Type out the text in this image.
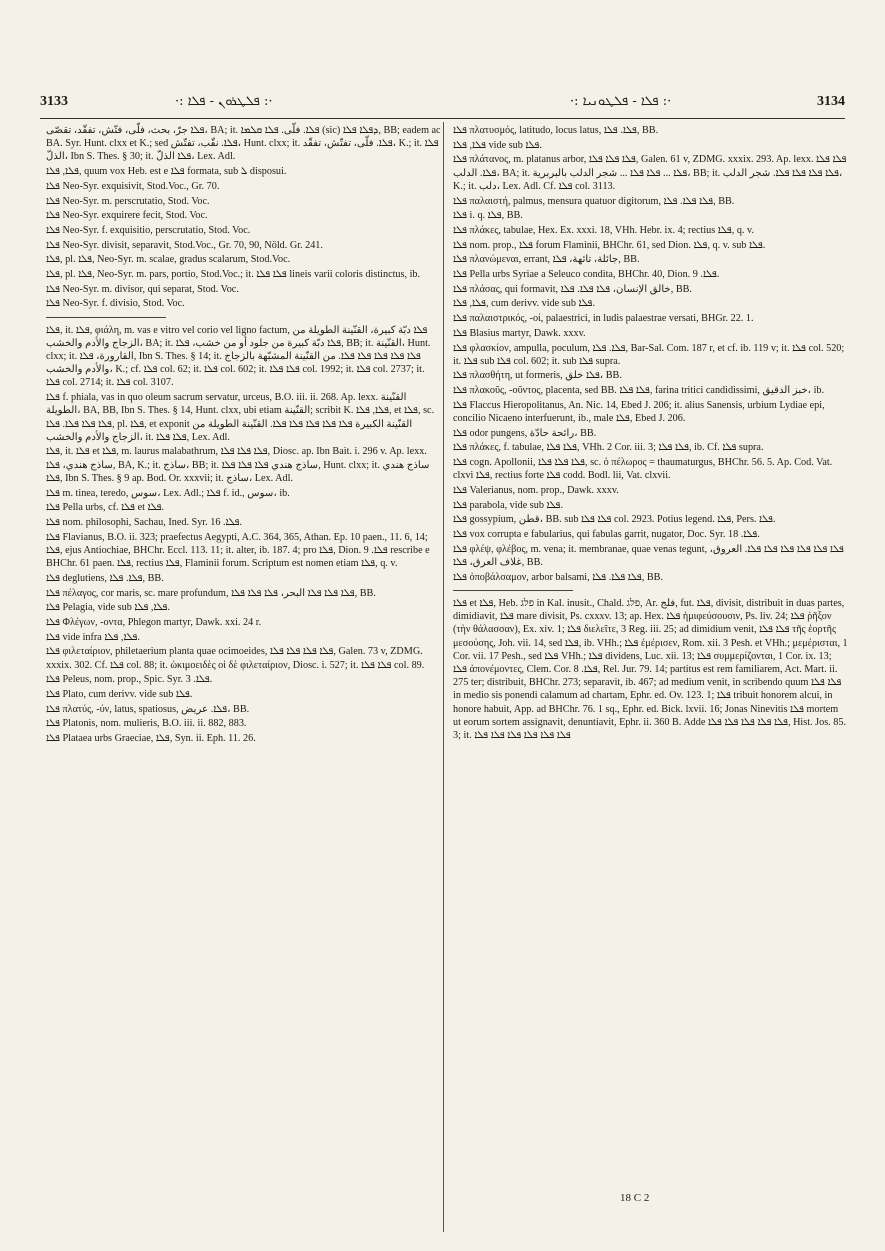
3133	·: ܦܠܛܪܘܢ - ܦܠܐ :·	·: ܦܠܐ - ܦܠܛܘܢܝܐ :·	3134
ܦܠܐ جرّ، بحث، فلّى، فتّش، تفقّد، تقصّى، BA; it. ܦܠܐ. فلّى. ܦܠܐ ܩܠܡܐ (sic) ܕܦܠܐ ܦܠܐ, BB; eadem ac BA. Syr. Hunt. clxx et K.; sed ܦܠܐ. نقّب، تفتّش، Hunt. clxx; it. ܦܠܐ. فلّى، تفتّش، تفقّد، K.; it. ܦܠܐ الذلّ، Ibn S. Thes. § 30; it. ܦܠܐ الذلّ، Lex. Adl.
ܦܠܐ, ܦܠܐ, quum vox Heb. est e ܦܠܐ formata, sub ܠ disposui.
ܦܠܐ Neo-Syr. exquisivit, Stod.Voc., Gr. 70.
ܦܠܐ Neo-Syr. m. perscrutatio, Stod. Voc.
ܦܠܐ Neo-Syr. exquirere fecit, Stod. Voc.
ܦܠܐ Neo-Syr. f. exquisitio, perscrutatio, Stod. Voc.
ܦܠܐ Neo-Syr. divisit, separavit, Stod.Voc., Gr. 70, 90, Nöld. Gr. 241.
ܦܠܐ, pl. ܦܠܐ, Neo-Syr. m. scalae, gradus scalarum, Stod.Voc.
ܦܠܐ, pl. ܦܠܐ, Neo-Syr. m. pars, portio, Stod.Voc.; it. ܦܠܐ ܦܠܐ lineis varii coloris distinctus, ib.
ܦܠܐ Neo-Syr. m. divisor, qui separat, Stod. Voc.
ܦܠܐ Neo-Syr. f. divisio, Stod. Voc.
ܦܠܐ, it. ܦܠܐ, φιάλη, m. vas e vitro vel corio vel ligno factum, ܦܠܐ دبّة كبيرة، القنّينة الطويلة من الزجاج والأدم والخشب، BA; it. ܦܠܐ دبّة كبيرة من جلود أو من خشب، ܦܠܐ, BB; it. القنّينة، Hunt. clxx; it. القارورة، ܦܠܐ, Ibn S. Thes. § 14; it. ܦܠܐ ܦܠܐ ܦܠܐ ܦܠܐ ܦܠܐ. من القنّينة المشبّهة بالزجاج والأدم والخشب، K.; cf. ܦܠܐ col. 62; it. ܦܠܐ col. 602; it. ܦܠܐ ܦܠܐ col. 1992; it. ܦܠܐ col. 2737; it. ܦܠܐ col. 2714; it. ܦܠܐ col. 3107.
ܦܠܐ f. phiala, vas in quo oleum sacrum servatur, urceus, B.O. iii. ii. 268. Ap. lexx. القنّينة الطويلة، BA, BB, Ibn S. Thes. § 14, Hunt. clxx, ubi etiam القنّينة; scribit K. ܦܠܐ, ܦܠܐ, et ܦܠܐ, sc. ܦܠܐ ܦܠܐ ܦܠܐ. ܦܠܐ, pl. ܦܠܐ, et exponit القنّينة الكبيرة ܦܠܐ ܦܠܐ ܦܠܐ ܦܠܐ ܦܠܐ. القنّينة الطويلة من الزجاج والأدم والخشب، it. ܦܠܐ ܦܠܐ, Lex. Adl.
ܦܠܐ, it. ܦܠܐ et ܦܠܐ, m. laurus malabathrum, ܦܠܐ ܦܠܐ ܦܠܐ, Diosc. ap. Ibn Bait. i. 296 v. Ap. lexx. ساذج هندي، ܦܠܐ, BA, K.; it. ساذج، BB; it. ساذج هندي ܦܠܐ ܦܠܐ ܦܠܐ, Hunt. clxx; it. ساذج هندي ܦܠܐ, Ibn S. Thes. § 9 ap. Bod. Or. xxxvii; it. ساذج، Lex. Adl.
ܦܠܐ m. tinea, teredo, سوس، Lex. Adl.; ܦܠܐ f. id., سوس، ib.
ܦܠܐ Pella urbs, cf. ܦܠܐ et ܦܠܐ.
ܦܠܐ nom. philosophi, Sachau, Ined. Syr. ܦܠܐ. 16.
ܦܠܐ Flavianus, B.O. ii. 323; praefectus Aegypti, A.C. 364, 365, Athan. Ep. 10 paen., 11. 6, 14; ܦܠܐ, ejus Antiochiae, BHChr. Eccl. 113. 11; it. alter, ib. 187. 4; pro ܦܠܐ, Dion. ܦܠܐ. 9 rescribe e BHChr. 61 paen. ܦܠܐ, rectius ܦܠܐ, Flaminii forum. Scriptum est nomen etiam ܦܠܐ, q. v.
ܦܠܐ deglutiens, ܦܠܐ. ܦܠܐ, BB.
ܦܠܐ πέλαγος, cor maris, sc. mare profundum, ܦܠܐ ܦܠܐ ܦܠܐ البحر، ܦܠܐ ܦܠܐ ܦܠܐ, BB.
ܦܠܐ Pelagia, vide sub ܦܠܐ, ܦܠܐ.
ܦܠܐ Φλέγων, -οντα, Phlegon martyr, Dawk. xxi. 24 r.
ܦܠܐ vide infra ܦܠܐ, ܦܠܐ.
ܦܠܐ φιλεταίριον, philetaerium planta quae ocimoeides, ܦܠܐ ܦܠܐ ܦܠܐ ܦܠܐ, Galen. 73 v, ZDMG. xxxix. 302. Cf. ܦܠܐ col. 88; it. ὠκιμοειδὲς οἱ δὲ φιλεταίριον, Diosc. i. 527; it. ܦܠܐ ܦܠܐ col. 89.
ܦܠܐ Peleus, nom. prop., Spic. Syr. ܦܠܐ. 3.
ܦܠܐ Plato, cum derivv. vide sub ܦܠܐ.
ܦܠܐ πλατύς, -ύν, latus, spatiosus, ܦܠܐ. عريض، BB.
ܦܠܐ Platonis, nom. mulieris, B.O. iii. ii. 882, 883.
ܦܠܐ Plataea urbs Graeciae, ܦܠܐ, Syn. ii. Eph. 11. 26.
ܦܠܐ πλατυσμός, latitudo, locus latus, ܦܠܐ. ܦܠܐ, BB.
ܦܠܐ, ܦܠܐ vide sub ܦܠܐ.
ܦܠܐ πλάτανος, m. platanus arbor, ܦܠܐ ܦܠܐ ܦܠܐ, Galen. 61 v, ZDMG. xxxix. 293. Ap. lexx. ܦܠܐ ܦܠܐ ܦܠܐ. الدلب، BA; it. ܦܠܐ ... ܦܠܐ ܦܠܐ ... شجر الدلب بالبربرية، BB; it. ܦܠܐ ܦܠܐ ܦܠܐ ܦܠܐ. شجر الدلب، K.; it. دلب، Lex. Adl. Cf. ܦܠܐ col. 3113.
ܦܠܐ παλαιστή, palmus, mensura quatuor digitorum, ܦܠܐ ܦܠܐ. ܦܠܐ, BB.
ܦܠܐ i. q. ܦܠܐ, BB.
ܦܠܐ πλάκες, tabulae, Hex. Ex. xxxi. 18, VHh. Hebr. ix. 4; rectius ܦܠܐ, q. v.
ܦܠܐ nom. prop., ܦܠܐ forum Flaminii, BHChr. 61, sed Dion. ܦܠܐ, q. v. sub ܦܠܐ.
ܦܠܐ πλανώμεναι, errant, جائلة، تائهة، ܦܠܐ, BB.
ܦܠܐ Pella urbs Syriae a Seleuco condita, BHChr. 40, Dion. ܦܠܐ. 9.
ܦܠܐ πλάσας, qui formavit, خالق الإنسان، ܦܠܐ ܦܠܐ. ܦܠܐ, BB.
ܦܠܐ, ܦܠܐ, cum derivv. vide sub ܦܠܐ.
ܦܠܐ παλαιστρικός, -οί, palaestrici, in ludis palaestrae versati, BHGr. 22. 1.
ܦܠܐ Blasius martyr, Dawk. xxxv.
ܦܠܐ φλασκίον, ampulla, poculum, ܦܠܐ. ܦܠܐ, Bar-Sal. Com. 187 r, et cf. ib. 119 v; it. ܦܠܐ col. 520; it. ܦܠܐ sub ܦܠܐ col. 602; it. sub ܦܠܐ supra.
ܦܠܐ πλασθήτη, ut formeris, ܦܠܐ خلق، BB.
ܦܠܐ πλακοῦς, -οῦντος, placenta, sed BB. ܦܠܐ ܦܠܐ, farina tritici candidissimi, خبز الدقيق، ib.
ܦܠܐ Flaccus Hieropolitanus, An. Nic. 14, Ebed J. 206; it. alius Sanensis, urbium Lydiae epi, concilio Nicaeno interfuerunt, ib., male ܦܠܐ, Ebed J. 206.
ܦܠܐ odor pungens, رائحة حادّة، BB.
ܦܠܐ πλάκες, f. tabulae, ܦܠܐ ܦܠܐ, VHh. 2 Cor. iii. 3; ܦܠܐ ܦܠܐ, ib. Cf. ܦܠܐ supra.
ܦܠܐ cogn. Apollonii, ܦܠܐ ܦܠܐ ܦܠܐ, sc. ὁ πέλωρος = thaumaturgus, BHChr. 56. 5. Ap. Cod. Vat. clxvi ܦܠܐ, rectius forte ܦܠܐ codd. Bodl. lii, Vat. clxvii.
ܦܠܐ Valerianus, nom. prop., Dawk. xxxv.
ܦܠܐ parabola, vide sub ܦܠܐ.
ܦܠܐ gossypium, قطن، BB. sub ܦܠܐ ܦܠܐ col. 2923. Potius legend. ܦܠܐ, Pers. ܦܠܐ.
ܦܠܐ vox corrupta e fabularius, qui fabulas garrit, nugator, Doc. Syr. ܦܠܐ. 18.
ܦܠܐ φλέψ, φλέβος, m. vena; it. membranae, quae venas tegunt, ܦܠܐ ܦܠܐ ܦܠܐ ܦܠܐ ܦܠܐ ܦܠܐ. العروق، غلاف العرق، ܦܠܐ, BB.
ܦܠܐ ὀποβάλσαμον, arbor balsami, ܦܠܐ ܦܠܐ. ܦܠܐ, BB.
ܦܠܐ et ܦܠܐ, Heb. פלג in Kal. inusit., Chald. פלג, Ar. فلج, fut. ܦܠܐ, divisit, distribuit in duas partes, dimidiavit, ܦܠܐ mare divisit, Ps. cxxxv. 13; ap. Hex. ܦܠܐ ἡμιφεύσουσιν, Ps. liv. 24; ܦܠܐ ῥῆξον (τὴν θάλασσαν), Ex. xiv. 1; ܦܠܐ διελεῖτε, 3 Reg. iii. 25; ad dimidium venit, ܦܠܐ ܦܠܐ τῆς ἑορτῆς μεσούσης, Joh. vii. 14, sed ܦܠܐ, ib. VHh.; ܦܠܐ ἐμέρισεν, Rom. xii. 3 Pesh. et VHh.; μεμέρισται, 1 Cor. vii. 17 Pesh., sed ܦܠܐ VHh.; ܦܠܐ dividens, Luc. xii. 13; ܦܠܐ συμμερίζονται, 1 Cor. ix. 13; ܦܠܐ ἀπονέμοντες, Clem. Cor. ܦܠܐ. 8, Rel. Jur. 79. 14; partitus est rem familiarem, Act. Mart. ii. 275 ter; distribuit, BHChr. 273; separavit, ib. 467; ad medium venit, in scribendo quum ܦܠܐ ܦܠܐ in medio sis ponendi calamum ad chartam, Ephr. ed. Ov. 123. 1; ܦܠܐ tribuit honorem alcui, in honore habuit, App. ad BHChr. 76. 1 sq., Ephr. ed. Bick. lxvii. 16; Jonas Ninevitis ܦܠܐ mortem ut eorum sortem assignavit, denuntiavit, Ephr. ii. 360 B. Adde ܦܠܐ ܦܠܐ ܦܠܐ ܦܠܐ ܦܠܐ, Hist. Jos. 85. 3; it. ܦܠܐ ܦܠܐ ܦܠܐ ܦܠܐ ܦܠܐ ܦܠܐ
18 C 2
